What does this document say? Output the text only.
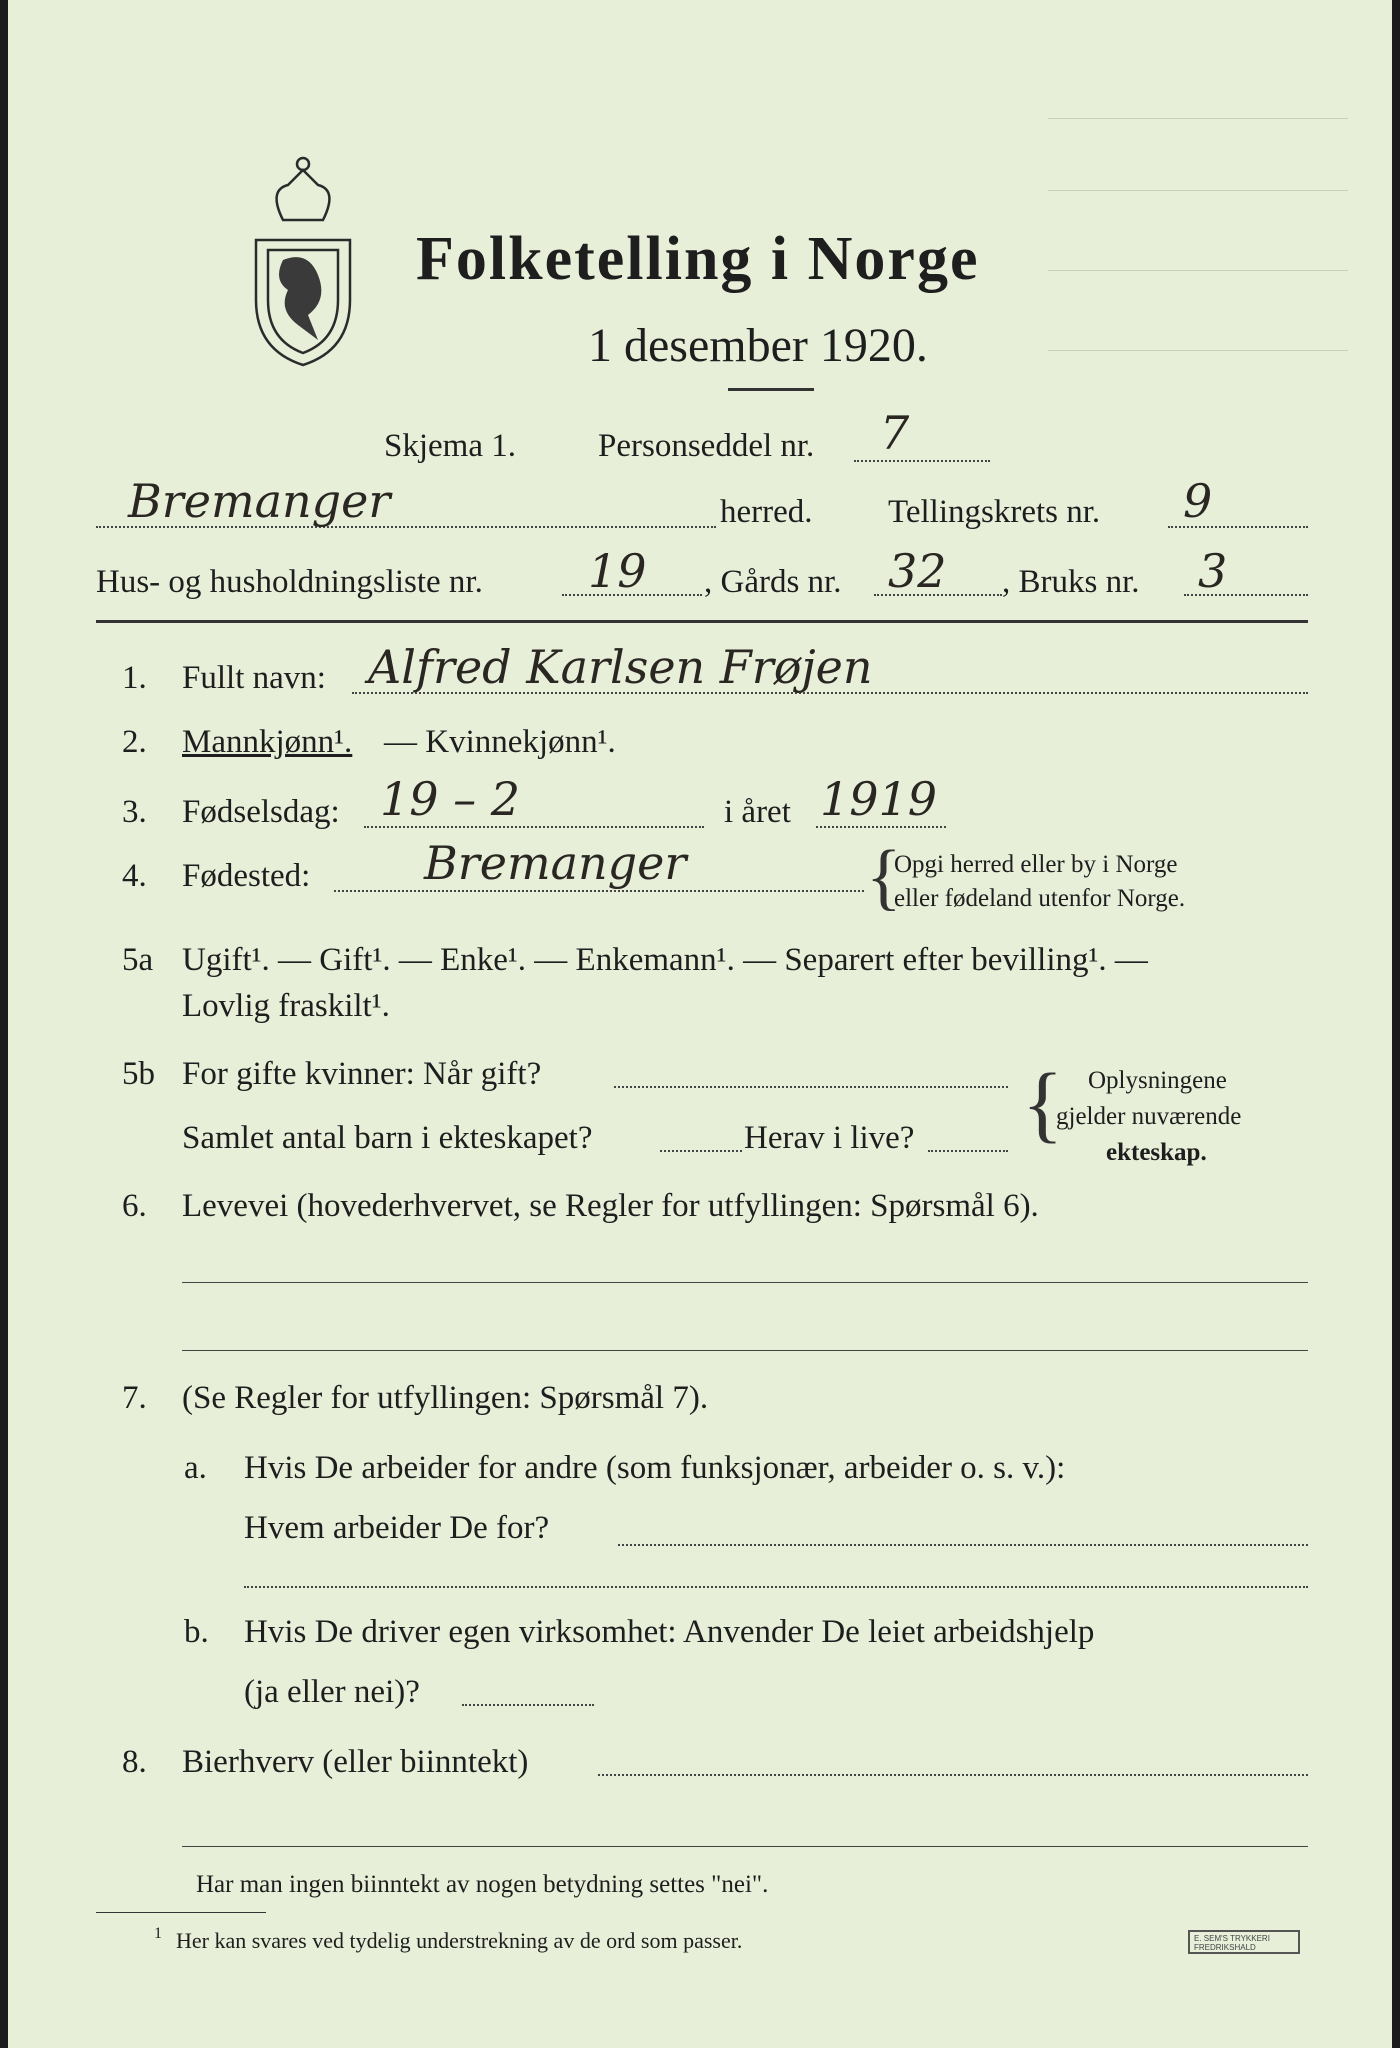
Folketelling i Norge
1 desember 1920.
Skjema 1. Personseddel nr. 7
Bremanger	herred. Tellingskrets nr. 9
Hus- og husholdningsliste nr. 19 , Gårds nr. 32 , Bruks nr. 3
1. Fullt navn: Alfred Karlsen Frøjen
2. Mannkjønn¹. — Kvinnekjønn¹.
3. Fødselsdag: 19 – 2	i året 1919
4. Fødested: Bremanger {
Opgi herred eller by i Norge
eller fødeland utenfor Norge.
5a Ugift¹. — Gift¹. — Enke¹. — Enkemann¹. — Separert efter bevilling¹. —
Lovlig fraskilt¹.
5b For gifte kvinner: Når gift?
Samlet antal barn i ekteskapet?	Herav i live? { Oplysningene
gjelder nuværende
ekteskap.
6. Levevei (hovederhvervet, se Regler for utfyllingen: Spørsmål 6).
7. (Se Regler for utfyllingen: Spørsmål 7).
a. Hvis De arbeider for andre (som funksjonær, arbeider o. s. v.):
Hvem arbeider De for?
b. Hvis De driver egen virksomhet: Anvender De leiet arbeidshjelp
(ja eller nei)?
8. Bierhverv (eller biinntekt)
Har man ingen biinntekt av nogen betydning settes "nei".
1 Her kan svares ved tydelig understrekning av de ord som passer.	E. SEM'S TRYKKERI FREDRIKSHALD
